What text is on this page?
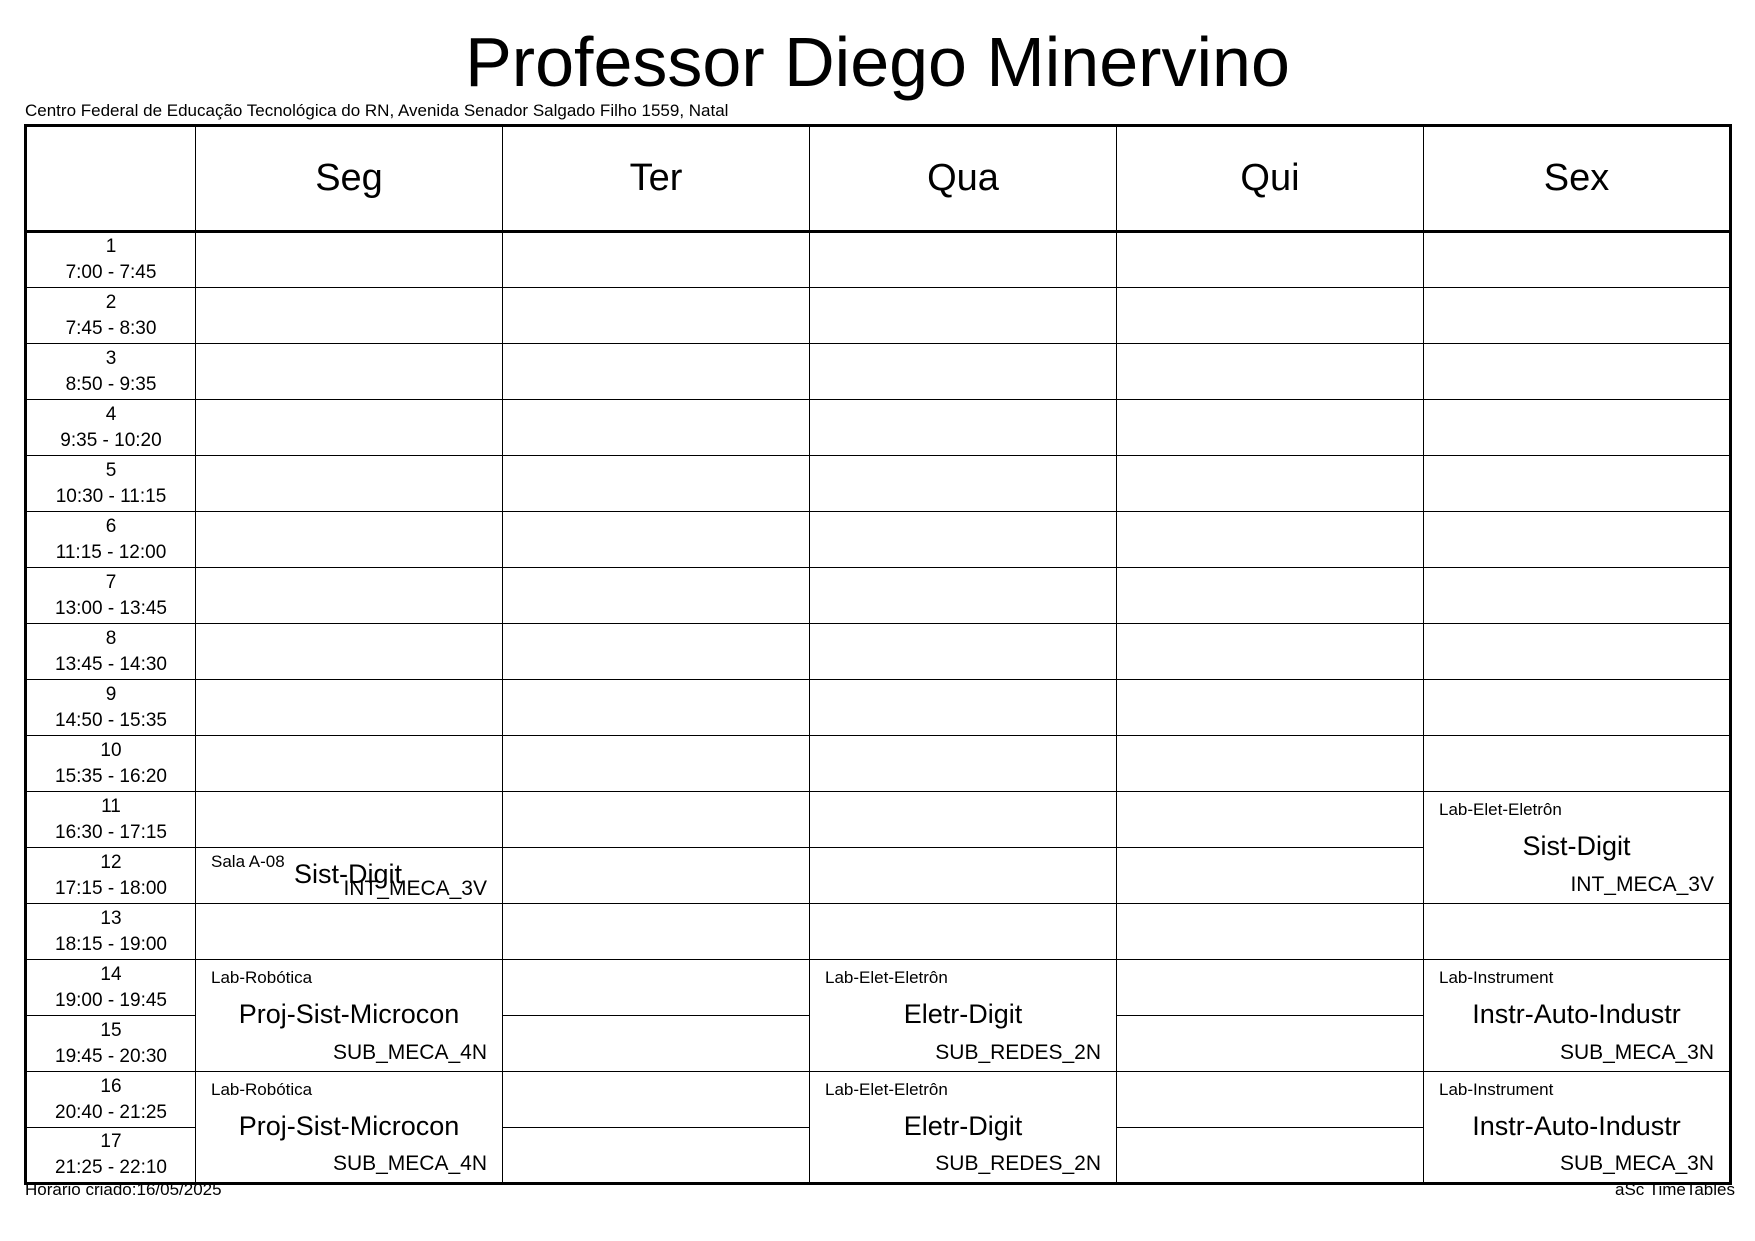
Professor Diego Minervino
Centro Federal de Educação Tecnológica do RN, Avenida Senador Salgado Filho 1559, Natal
	Seg	Ter	Qua	Qui	Sex

1
7:00 - 7:45					

2
7:45 - 8:30					

3
8:50 - 9:35					

4
9:35 - 10:20					

5
10:30 - 11:15					

6
11:15 - 12:00					

7
13:00 - 13:45					

8
13:45 - 14:30					

9
14:50 - 15:35					

10
15:35 - 16:20					

11
16:30 - 17:15					Lab-Elet-Eletrôn
Sist-Digit
INT_MECA_3V

12
17:15 - 18:00	Sala A-08 Sist-Digit
INT_MECA_3V				

13
18:15 - 19:00					

14
19:00 - 19:45	Lab-Robótica
Proj-Sist-Microcon
SUB_MECA_4N		Lab-Elet-Eletrôn
Eletr-Digit
SUB_REDES_2N		Lab-Instrument
Instr-Auto-Industr
SUB_MECA_3N

15
19:45 - 20:30					

16
20:40 - 21:25	Lab-Robótica
Proj-Sist-Microcon
SUB_MECA_4N		Lab-Elet-Eletrôn
Eletr-Digit
SUB_REDES_2N		Lab-Instrument
Instr-Auto-Industr
SUB_MECA_3N

17
21:25 - 22:10					

Horário criado:16/05/2025	aSc TimeTables
